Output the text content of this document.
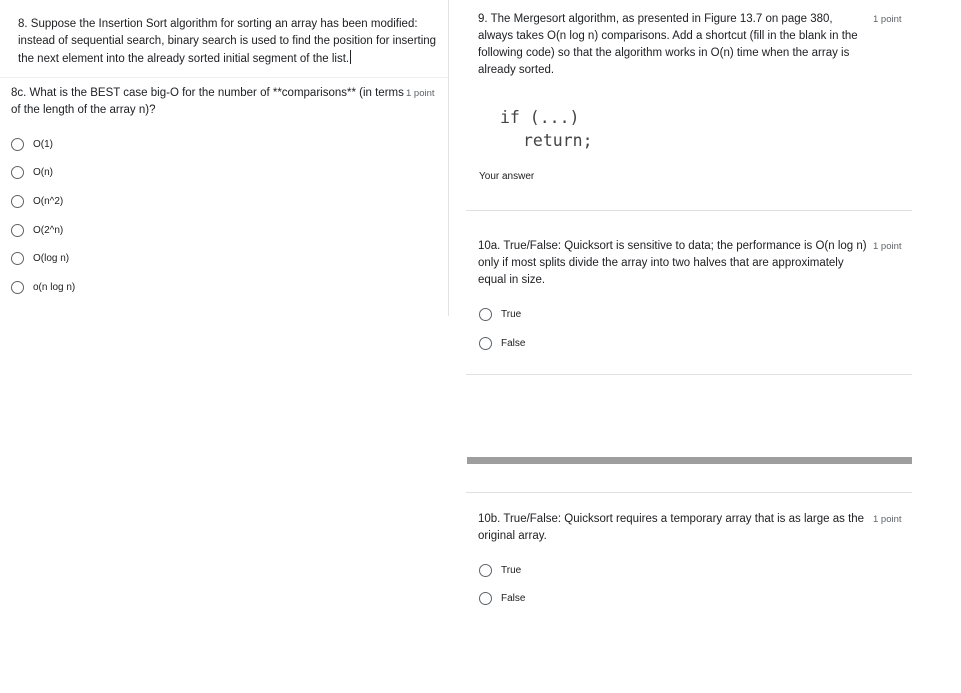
8. Suppose the Insertion Sort algorithm for sorting an array has been modified: instead of sequential search, binary search is used to find the position for inserting the next element into the already sorted initial segment of the list.
8c. What is the BEST case big-O for the number of **comparisons** (in terms of the length of the array n)?
1 point
O(1)
O(n)
O(n^2)
O(2^n)
O(log n)
o(n log n)
9. The Mergesort algorithm, as presented in Figure 13.7 on page 380, always takes O(n log n) comparisons. Add a shortcut (fill in the blank in the following code) so that the algorithm works in O(n) time when the array is already sorted.
1 point
if (...)
return;
Your answer
10a. True/False: Quicksort is sensitive to data; the performance is O(n log n) only if most splits divide the array into two halves that are approximately equal in size.
1 point
True
False
10b. True/False: Quicksort requires a temporary array that is as large as the original array.
1 point
True
False
